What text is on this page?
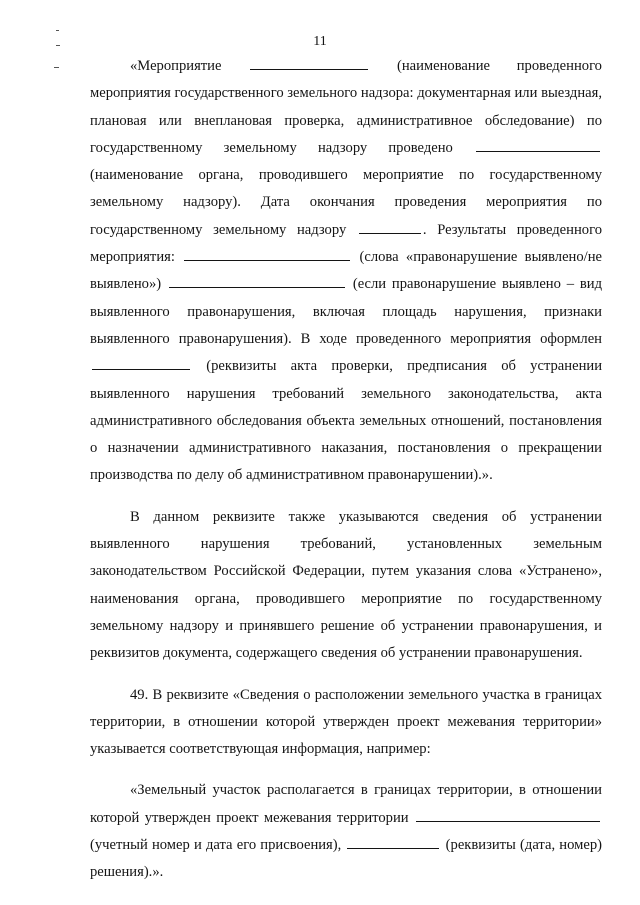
11

«Мероприятие	(наименование проведенного мероприятия государственного земельного надзора: документарная или выездная, плановая или внеплановая проверка, административное обследование) по государственному земельному надзору проведено  (наименование органа, проводившего мероприятие по государственному земельному надзору). Дата окончания проведения мероприятия по государственному земельному надзору	. Результаты проведенного мероприятия:	(слова «правонарушение выявлено/не выявлено»)	(если правонарушение выявлено – вид выявленного правонарушения, включая площадь нарушения, признаки выявленного правонарушения). В ходе проведенного мероприятия оформлен  (реквизиты акта проверки, предписания об устранении выявленного нарушения требований земельного законодательства, акта административного обследования объекта земельных отношений, постановления о назначении административного наказания, постановления о прекращении производства по делу об административном правонарушении).».

В данном реквизите также указываются сведения об устранении выявленного нарушения требований, установленных земельным законодательством Российской Федерации, путем указания слова «Устранено», наименования органа, проводившего мероприятие по государственному земельному надзору и принявшего решение об устранении правонарушения, и реквизитов документа, содержащего сведения об устранении правонарушения.

49. В реквизите «Сведения о расположении земельного участка в границах территории, в отношении которой утвержден проект межевания территории» указывается соответствующая информация, например:

«Земельный участок располагается в границах территории, в отношении которой утвержден проект межевания территории  (учетный номер и дата его присвоения),	(реквизиты (дата, номер) решения).».
